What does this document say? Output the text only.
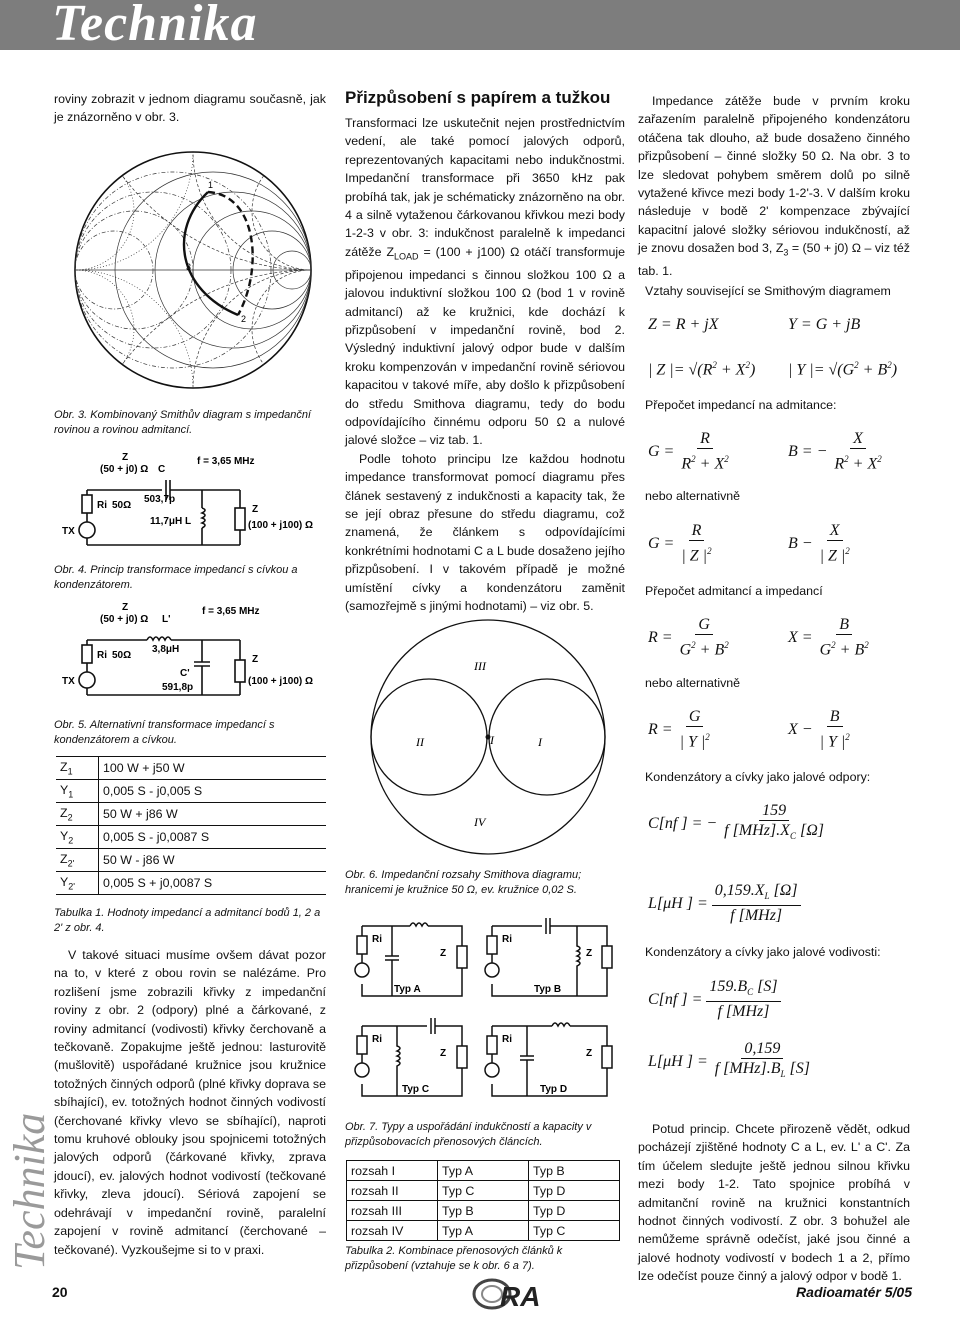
Technika
Technika

roviny zobrazit v jednom diagramu současně, jak je znázorněno v obr. 3.

1
2
3
Obr. 3. Kombinovaný Smithův diagram s impedanční rovinou a rovinou admitancí.
Z
(50 + j0) Ω C
f = 3,65 MHz
Ri 50Ω
503,7p
11,7μH L
TX
Z
(100 + j100) Ω
Obr. 4. Princip transformace impedancí s cívkou a kondenzátorem.
Z
(50 + j0) Ω L'
f = 3,65 MHz
Ri 50Ω
3,8μH
C'
591,8p
TX
Z
(100 + j100) Ω
Obr. 5. Alternativní transformace impedancí s kondenzátorem a cívkou.
$Z_1$	100 W + j50 W
$Y_1$	0,005 S - j0,005 S
$Z_2$	50 W + j86 W
$Y_2$	0,005 S - j0,0087 S
$Z_{2'}$	50 W - j86 W
$Y_{2'}$	0,005 S + j0,0087 S
Tabulka 1. Hodnoty impedancí a admitancí bodů 1, 2 a 2' z obr. 4.

V takové situaci musíme ovšem dávat pozor na to, v které z obou rovin se nalézáme. Pro rozlišení jsme zobrazili křivky z impedanční roviny z obr. 2 (odpory) plné a čárkované, z roviny admitancí (vodivosti) křivky čerchovaně a tečkovaně. Zopakujme ještě jednou: lasturovitě (mušlovitě) uspořádané kružnice jsou kružnice totožných činných odporů (plné křivky doprava se sbíhající), ev. totožných hodnot činných vodivostí (čerchované křivky vlevo se sbíhající), naproti tomu kruhové oblouky jsou spojnicemi totožných jalových odporů (čárkované křivky, zprava jdoucí), ev. jalových hodnot vodivostí (tečkované křivky, zleva jdoucí). Sériová zapojení se odehrávají v impedanční rovině, paralelní zapojení v rovině admitancí (čerchované – tečkované). Vyzkoušejme si to v praxi.

Přizpůsobení s papírem a tužkou

Transformaci lze uskutečnit nejen prostřednictvím vedení, ale také pomocí jalových odporů, reprezentovaných kapacitami nebo indukčnostmi. Impedanční transformace při 3650 kHz pak probíhá tak, jak je schématicky znázorněno na obr. 4 a silně vytaženou čárkovanou křivkou mezi body 1-2-3 v obr. 3: indukčnost paralelně k impedanci zátěže $Z_{LOAD} = (100 + j100)$ Ω otáčí transformuje připojenou impedanci s činnou složkou 100 Ω a jalovou induktivní složkou 100 Ω (bod 1 v rovině admitancí) až ke kružnici, kde dochází k přizpůsobení v impedanční rovině, bod 2. Výsledný induktivní jalový odpor bude v dalším kroku kompenzován v impedanční rovině sériovou kapacitou v takové míře, aby došlo k přizpůsobení do středu Smithova diagramu, tedy do bodu odpovídajícího činnému odporu 50 Ω a nulové jalové složce – viz tab. 1.

Podle tohoto principu lze každou hodnotu impedance transformovat pomocí diagramu přes článek sestavený z indukčnosti a kapacity tak, že se její obraz přesune do středu diagramu, což znamená, že článkem s odpovídajícími konkrétními hodnotami C a L bude dosaženo jejího přizpůsobení. I v takovém případě je možné umístění cívky a kondenzátoru zaměnit (samozřejmě s jinými hodnotami) – viz obr. 5.

III
II	I	I
IV
Obr. 6. Impedanční rozsahy Smithova diagramu; hranicemi je kružnice 50 Ω, ev. kružnice 0,02 S.
Ri
Z
Typ A
Ri
Z
Typ B
Ri
Z
Typ C
Ri
Z
Typ D
Obr. 7. Typy a uspořádání indukčností a kapacity v přizpůsobovacích přenosových článcích.
rozsah I	Typ A	Typ B
rozsah II	Typ C	Typ D
rozsah III	Typ B	Typ D
rozsah IV	Typ A	Typ C
Tabulka 2. Kombinace přenosových článků k přizpůsobení (vztahuje se k obr. 6 a 7).

Impedance zátěže bude v prvním kroku zařazením paralelně připojeného kondenzátoru otáčena tak dlouho, až bude dosaženo činného přizpůsobení – činné složky 50 Ω. Na obr. 3 to lze sledovat pohybem směrem dolů po silně vytažené křivce mezi body 1-2'-3. V dalším kroku následuje v bodě 2' kompenzace zbývající kapacitní jalové složky sériovou indukčností, až je znovu dosažen bod 3, $Z_3 = (50 + j0)$ Ω – viz též tab. 1.

Vztahy související se Smithovým diagramem
Z = R + jX	Y = G + jB
| Z |= $√(R^2 + X^2)$ | Y |= $√(G^2 + B^2)$
Přepočet impedancí na admitance:
$G = \frac{R}{R^2 + X^2}$	B = − $\frac{X}{R^2 + X^2}$
nebo alternativně
$G = \frac{R}{| Z |^2}$	$B - \frac{X}{| Z |^2}$
Přepočet admitancí a impedancí
$R = \frac{G}{G^2 + B^2}$	$X = \frac{B}{G^2 + B^2}$
nebo alternativně
$R = \frac{G}{| Y |^2}$	$X - \frac{B}{| Y |^2}$
Kondenzátory a cívky jako jalové odpory:
C[nf ] = − $\frac{159}{f [MHz].X_C [\Omega]}$
L[μH ] = $\frac{0,159.X_L [\Omega]}{\text{f [MHz]}}$
Kondenzátory a cívky jako jalové vodivosti:
C[nf ] = $\frac{159.B_C [S]}{\text{f [MHz]}}$
L[μH ] = $\frac{0,159}{f [MHz].B_L [S]}$

Potud princip. Chcete přirozeně vědět, odkud pocházejí zjištěné hodnoty C a L, ev. L' a C'. Za tím účelem sledujte ještě jednou silnou křivku mezi body 1-2. Tato spojnice probíhá v admitanční rovině na kružnici konstantních hodnot činných vodivostí. Z obr. 3 bohužel ale nemůžeme správně odečíst, jaké jsou činné a jalové hodnoty vodivostí v bodech 1 a 2, přímo lze odečíst pouze činný a jalový odpor v bodě 1.

20	RA	Radioamatér 5/05
